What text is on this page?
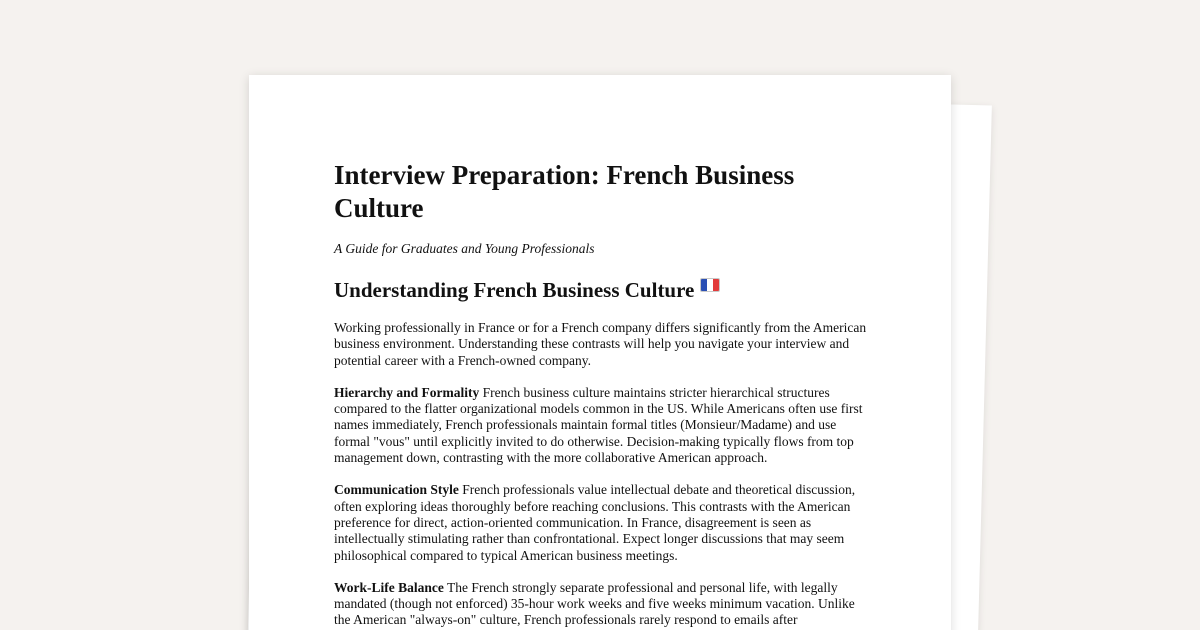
Interview Preparation: French Business Culture

A Guide for Graduates and Young Professionals

Understanding French Business Culture

Working professionally in France or for a French company differs significantly from the American business environment. Understanding these contrasts will help you navigate your interview and potential career with a French-owned company.

Hierarchy and Formality French business culture maintains stricter hierarchical structures compared to the flatter organizational models common in the US. While Americans often use first names immediately, French professionals maintain formal titles (Monsieur/Madame) and use formal "vous" until explicitly invited to do otherwise. Decision-making typically flows from top management down, contrasting with the more collaborative American approach.

Communication Style French professionals value intellectual debate and theoretical discussion, often exploring ideas thoroughly before reaching conclusions. This contrasts with the American preference for direct, action-oriented communication. In France, disagreement is seen as intellectually stimulating rather than confrontational. Expect longer discussions that may seem philosophical compared to typical American business meetings.

Work-Life Balance The French strongly separate professional and personal life, with legally mandated (though not enforced) 35-hour work weeks and five weeks minimum vacation. Unlike the American "always-on" culture, French professionals rarely respond to emails after
